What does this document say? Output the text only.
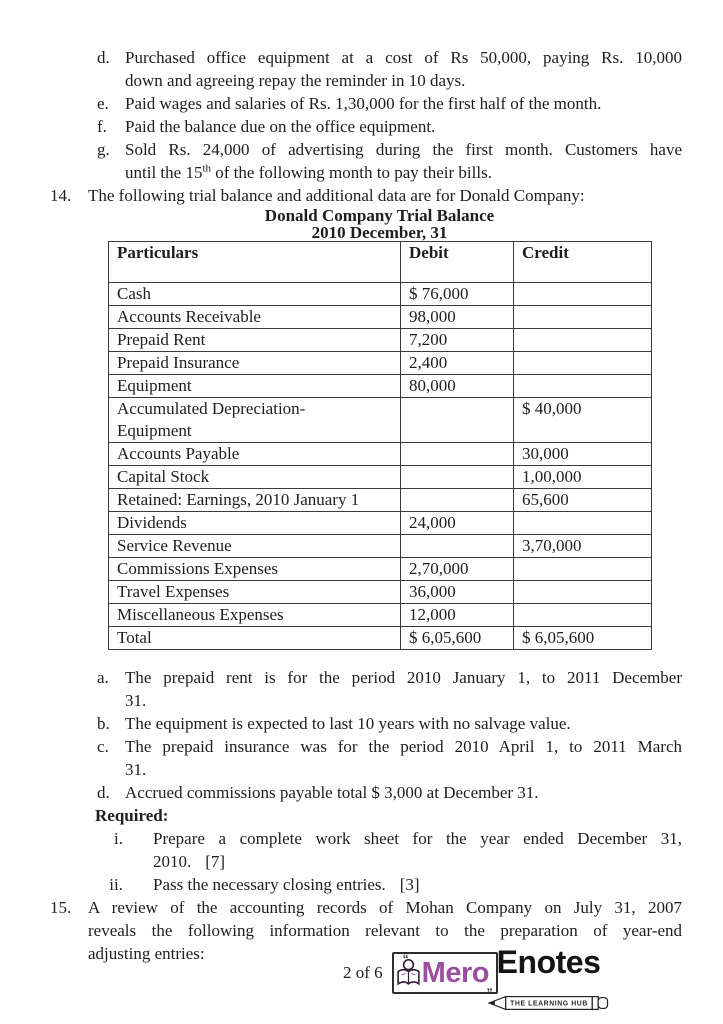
d. Purchased office equipment at a cost of Rs 50,000, paying Rs. 10,000
down and agreeing repay the reminder in 10 days.
e. Paid wages and salaries of Rs. 1,30,000 for the first half of the month.
f.	Paid the balance due on the office equipment.
g. Sold Rs. 24,000 of advertising during the first month. Customers have
until the 15th of the following month to pay their bills.
14. The following trial balance and additional data are for Donald Company:
Donald Company Trial Balance
2010 December, 31
Particulars	Debit	Credit
Cash	$ 76,000	
Accounts Receivable	98,000	
Prepaid Rent	7,200	
Prepaid Insurance	2,400	
Equipment	80,000	

Accumulated Depreciation-
Equipment		$ 40,000
Accounts Payable		30,000
Capital Stock		1,00,000
Retained: Earnings, 2010 January 1		65,600
Dividends	24,000	
Service Revenue		3,70,000
Commissions Expenses	2,70,000	
Travel Expenses	36,000	
Miscellaneous Expenses	12,000	
Total	$ 6,05,600	$ 6,05,600
a. The prepaid rent is for the period 2010 January 1, to 2011 December
31.
b. The equipment is expected to last 10 years with no salvage value.
c. The prepaid insurance was for the period 2010 April 1, to 2011 March
31.
d. Accrued commissions payable total $ 3,000 at December 31.
Required:
i. Prepare a complete work sheet for the year ended December 31,
2010. [7]
ii. Pass the necessary closing entries. [3]
15. A review of the accounting records of Mohan Company on July 31, 2007
reveals the following information relevant to the preparation of year-end
adjusting entries:
2 of 6 Mero
“
”
Enotes
THE LEARNING HUB
